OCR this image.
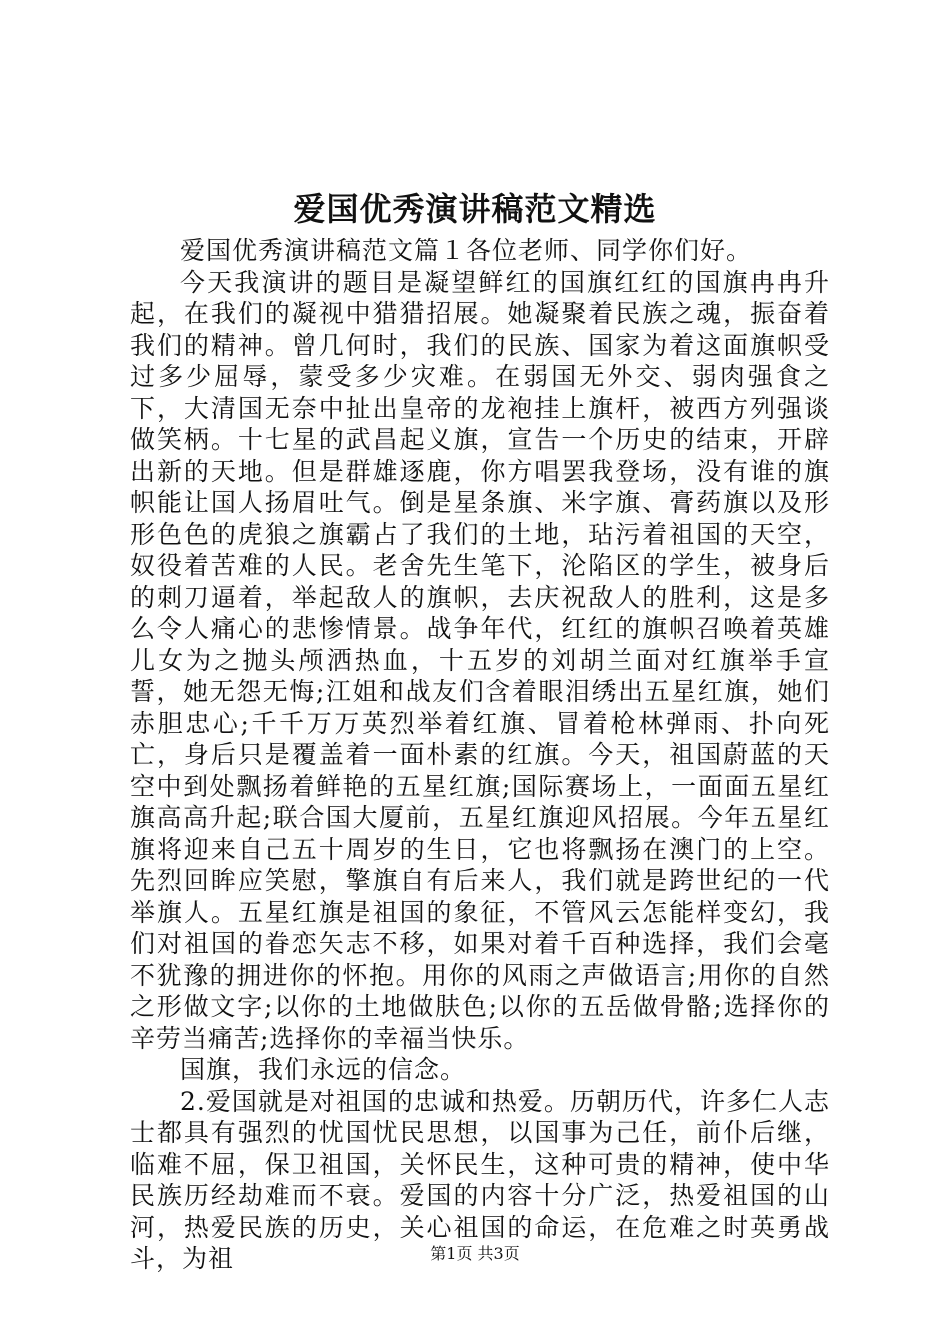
爱国优秀演讲稿范文精选

爱国优秀演讲稿范文篇１各位老师、同学你们好。

今天我演讲的题目是凝望鲜红的国旗红红的国旗冉冉升起，在我们的凝视中猎猎招展。她凝聚着民族之魂，振奋着我们的精神。曾几何时，我们的民族、国家为着这面旗帜受过多少屈辱，蒙受多少灾难。在弱国无外交、弱肉强食之下，大清国无奈中扯出皇帝的龙袍挂上旗杆，被西方列强谈做笑柄。十七星的武昌起义旗，宣告一个历史的结束，开辟出新的天地。但是群雄逐鹿，你方唱罢我登场，没有谁的旗帜能让国人扬眉吐气。倒是星条旗、米字旗、膏药旗以及形形色色的虎狼之旗霸占了我们的土地，玷污着祖国的天空，奴役着苦难的人民。老舍先生笔下，沦陷区的学生，被身后的刺刀逼着，举起敌人的旗帜，去庆祝敌人的胜利，这是多么令人痛心的悲惨情景。战争年代，红红的旗帜召唤着英雄儿女为之抛头颅洒热血，十五岁的刘胡兰面对红旗举手宣誓，她无怨无悔;江姐和战友们含着眼泪绣出五星红旗，她们赤胆忠心;千千万万英烈举着红旗、冒着枪林弹雨、扑向死亡，身后只是覆盖着一面朴素的红旗。今天，祖国蔚蓝的天空中到处飘扬着鲜艳的五星红旗;国际赛场上，一面面五星红旗高高升起;联合国大厦前，五星红旗迎风招展。今年五星红旗将迎来自己五十周岁的生日，它也将飘扬在澳门的上空。先烈回眸应笑慰，擎旗自有后来人，我们就是跨世纪的一代举旗人。五星红旗是祖国的象征，不管风云怎能样变幻，我们对祖国的眷恋矢志不移，如果对着千百种选择，我们会毫不犹豫的拥进你的怀抱。用你的风雨之声做语言;用你的自然之形做文字;以你的土地做肤色;以你的五岳做骨骼;选择你的辛劳当痛苦;选择你的幸福当快乐。

国旗，我们永远的信念。

2.爱国就是对祖国的忠诚和热爱。历朝历代，许多仁人志士都具有强烈的忧国忧民思想，以国事为己任，前仆后继，临难不屈，保卫祖国，关怀民生，这种可贵的精神，使中华民族历经劫难而不衰。爱国的内容十分广泛，热爱祖国的山河，热爱民族的历史，关心祖国的命运，在危难之时英勇战斗，为祖	第1页 共3页
